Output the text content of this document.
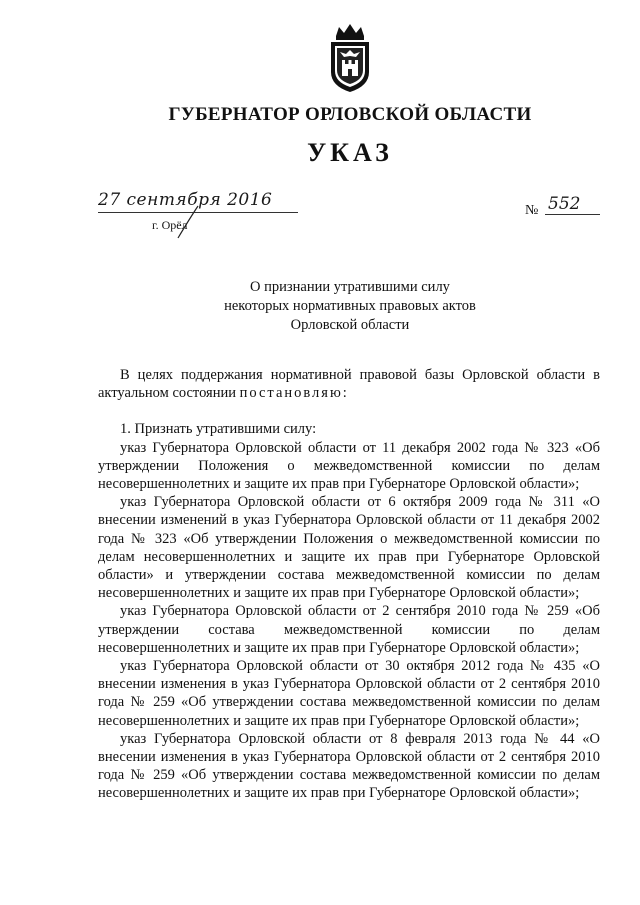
ГУБЕРНАТОР ОРЛОВСКОЙ ОБЛАСТИ
УКАЗ
27 сентября 2016
г. Орёл
№ 552
О признании утратившими силу
некоторых нормативных правовых актов
Орловской области

В целях поддержания нормативной правовой базы Орловской области в актуальном состоянии постановляю:

1. Признать утратившими силу:

указ Губернатора Орловской области от 11 декабря 2002 года № 323 «Об утверждении Положения о межведомственной комиссии по делам несовершеннолетних и защите их прав при Губернаторе Орловской области»;

указ Губернатора Орловской области от 6 октября 2009 года № 311 «О внесении изменений в указ Губернатора Орловской области от 11 декабря 2002 года № 323 «Об утверждении Положения о межведомственной комиссии по делам несовершеннолетних и защите их прав при Губернаторе Орловской области» и утверждении состава межведомственной комиссии по делам несовершеннолетних и защите их прав при Губернаторе Орловской области»;

указ Губернатора Орловской области от 2 сентября 2010 года № 259 «Об утверждении состава межведомственной комиссии по делам несовершеннолетних и защите их прав при Губернаторе Орловской области»;

указ Губернатора Орловской области от 30 октября 2012 года № 435 «О внесении изменения в указ Губернатора Орловской области от 2 сентября 2010 года № 259 «Об утверждении состава межведомственной комиссии по делам несовершеннолетних и защите их прав при Губернаторе Орловской области»;

указ Губернатора Орловской области от 8 февраля 2013 года № 44 «О внесении изменения в указ Губернатора Орловской области от 2 сентября 2010 года № 259 «Об утверждении состава межведомственной комиссии по делам несовершеннолетних и защите их прав при Губернаторе Орловской области»;
